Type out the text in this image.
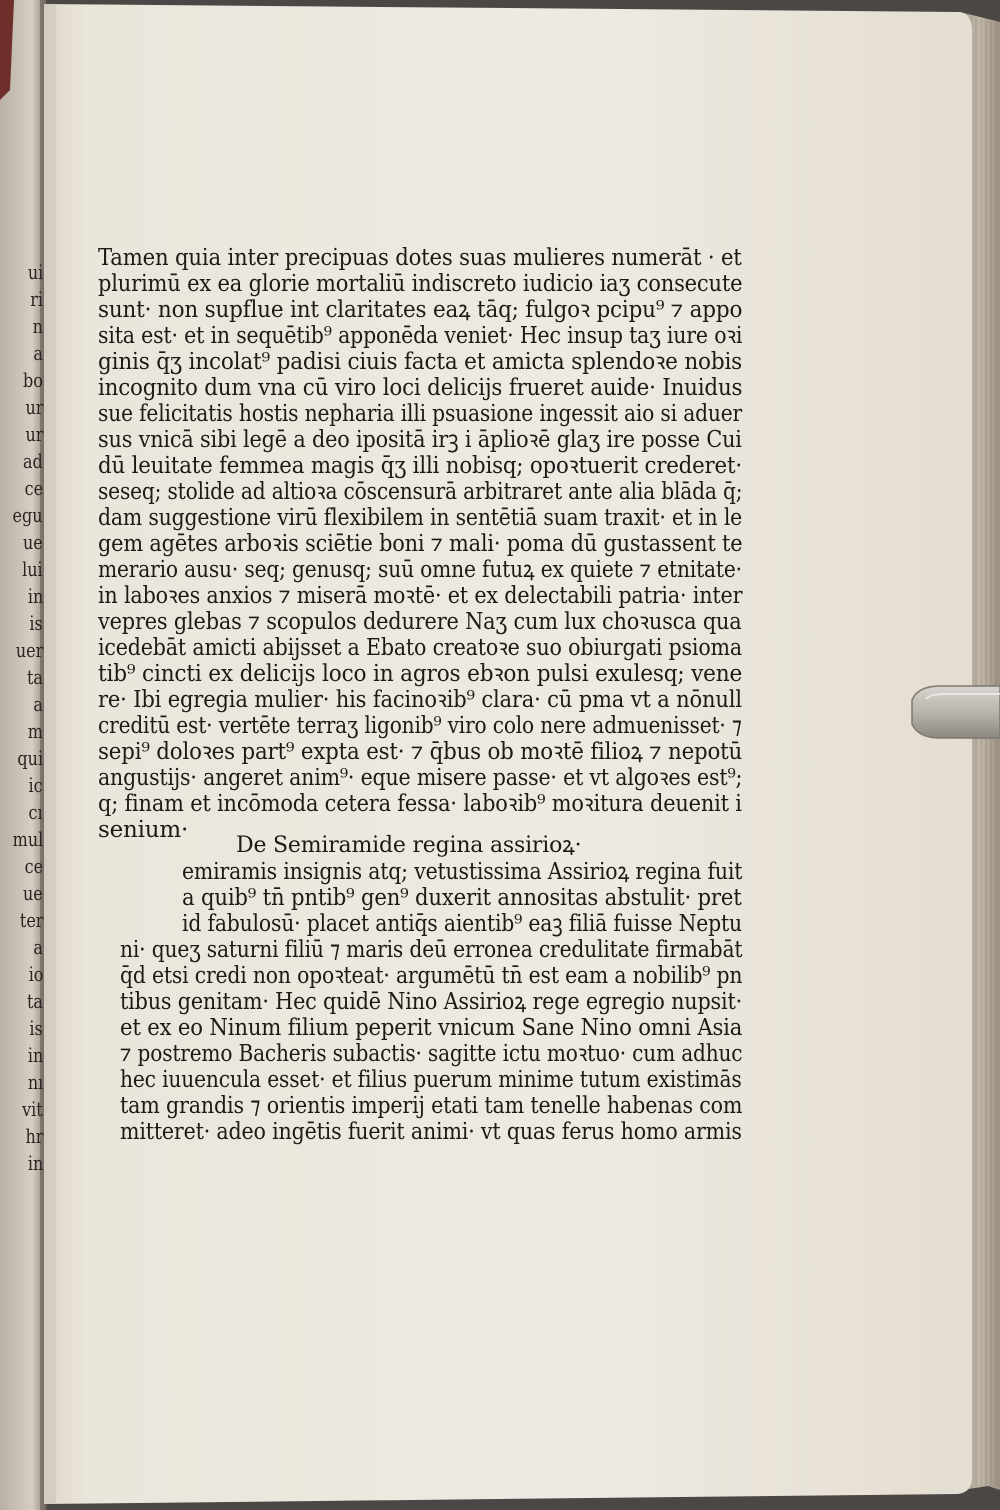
ui
ri
n
a
bo
ur
ur
ad
ce
egu
ue
lui
in
is
uer
ta
a
m
qui
ic
cı
mul
ce
ue
ter
a
io
ta
is
in
nı
vit
hr
in
Tamen quia inter precipuas dotes suas mulieres numerāt · et
plurimū ex ea glorie mortaliū indiscreto iudicio iaʒ consecute
sunt· non supflue int claritates eaꝝ tāq; fulgoꝛ pcipu⁹ ⁊ appo
sita est· et in sequētib⁹ apponēda veniet· Hec insup taʒ iure oꝛi
ginis q̄ʒ incolat⁹ padisi ciuis facta et amicta splendoꝛe nobis
incognito dum vna cū viro loci delicijs frueret auide· Inuidus
sue felicitatis hostis nepharia illi psuasione ingessit aio si aduer
sus vnicā sibi legē a deo ipositā irꝫ i āplioꝛē glaʒ ire posse Cui
dū leuitate femmea magis q̄ʒ illi nobisq; opoꝛtuerit crederet·
seseq; stolide ad altioꝛa cōscensurā arbitraret ante alia blāda q̄;
dam suggestione virū flexibilem in sentētiā suam traxit· et in le
gem agētes arboꝛis sciētie boni ⁊ mali· poma dū gustassent te
merario ausu· seq; genusq; suū omne futuꝝ ex quiete ⁊ etnitate·
in laboꝛes anxios ⁊ miserā moꝛtē· et ex delectabili patria· inter
vepres glebas ⁊ scopulos dedurere Naʒ cum lux choꝛusca qua
icedebāt amicti abijsset a Ebato creatoꝛe suo obiurgati psioma
tib⁹ cincti ex delicijs loco in agros ebꝛon pulsi exulesq; vene
re· Ibi egregia mulier· his facinoꝛib⁹ clara· cū pma vt a nōnull
creditū est· vertēte terraʒ ligonib⁹ viro colo nere admuenisset· ⁊
sepi⁹ doloꝛes part⁹ expta est· ⁊ q̄bus ob moꝛtē filioꝝ ⁊ nepotū
angustijs· angeret anim⁹· eque misere passe· et vt algoꝛes est⁹;
q; finam et incōmoda cetera fessa· laboꝛib⁹ moꝛitura deuenit i
senium·
De Semiramide regina assirioꝝ·
emiramis insignis atq; vetustissima Assirioꝝ regina fuit
a quib⁹ tn̄ pntib⁹ gen⁹ duxerit annositas abstulit· pret
id fabulosū· placet antiq̄s aientib⁹ eaꝫ filiā fuisse Neptu
ni· queʒ saturni filiū ⁊ maris deū erronea credulitate firmabāt
q̄d etsi credi non opoꝛteat· argumētū tn̄ est eam a nobilib⁹ pn
tibus genitam· Hec quidē Nino Assirioꝝ rege egregio nupsit·
et ex eo Ninum filium peperit vnicum Sane Nino omni Asia
⁊ postremo Bacheris subactis· sagitte ictu moꝛtuo· cum adhuc
hec iuuencula esset· et filius puerum minime tutum existimās
tam grandis ⁊ orientis imperij etati tam tenelle habenas com
mitteret· adeo ingētis fuerit animi· vt quas ferus homo armis
